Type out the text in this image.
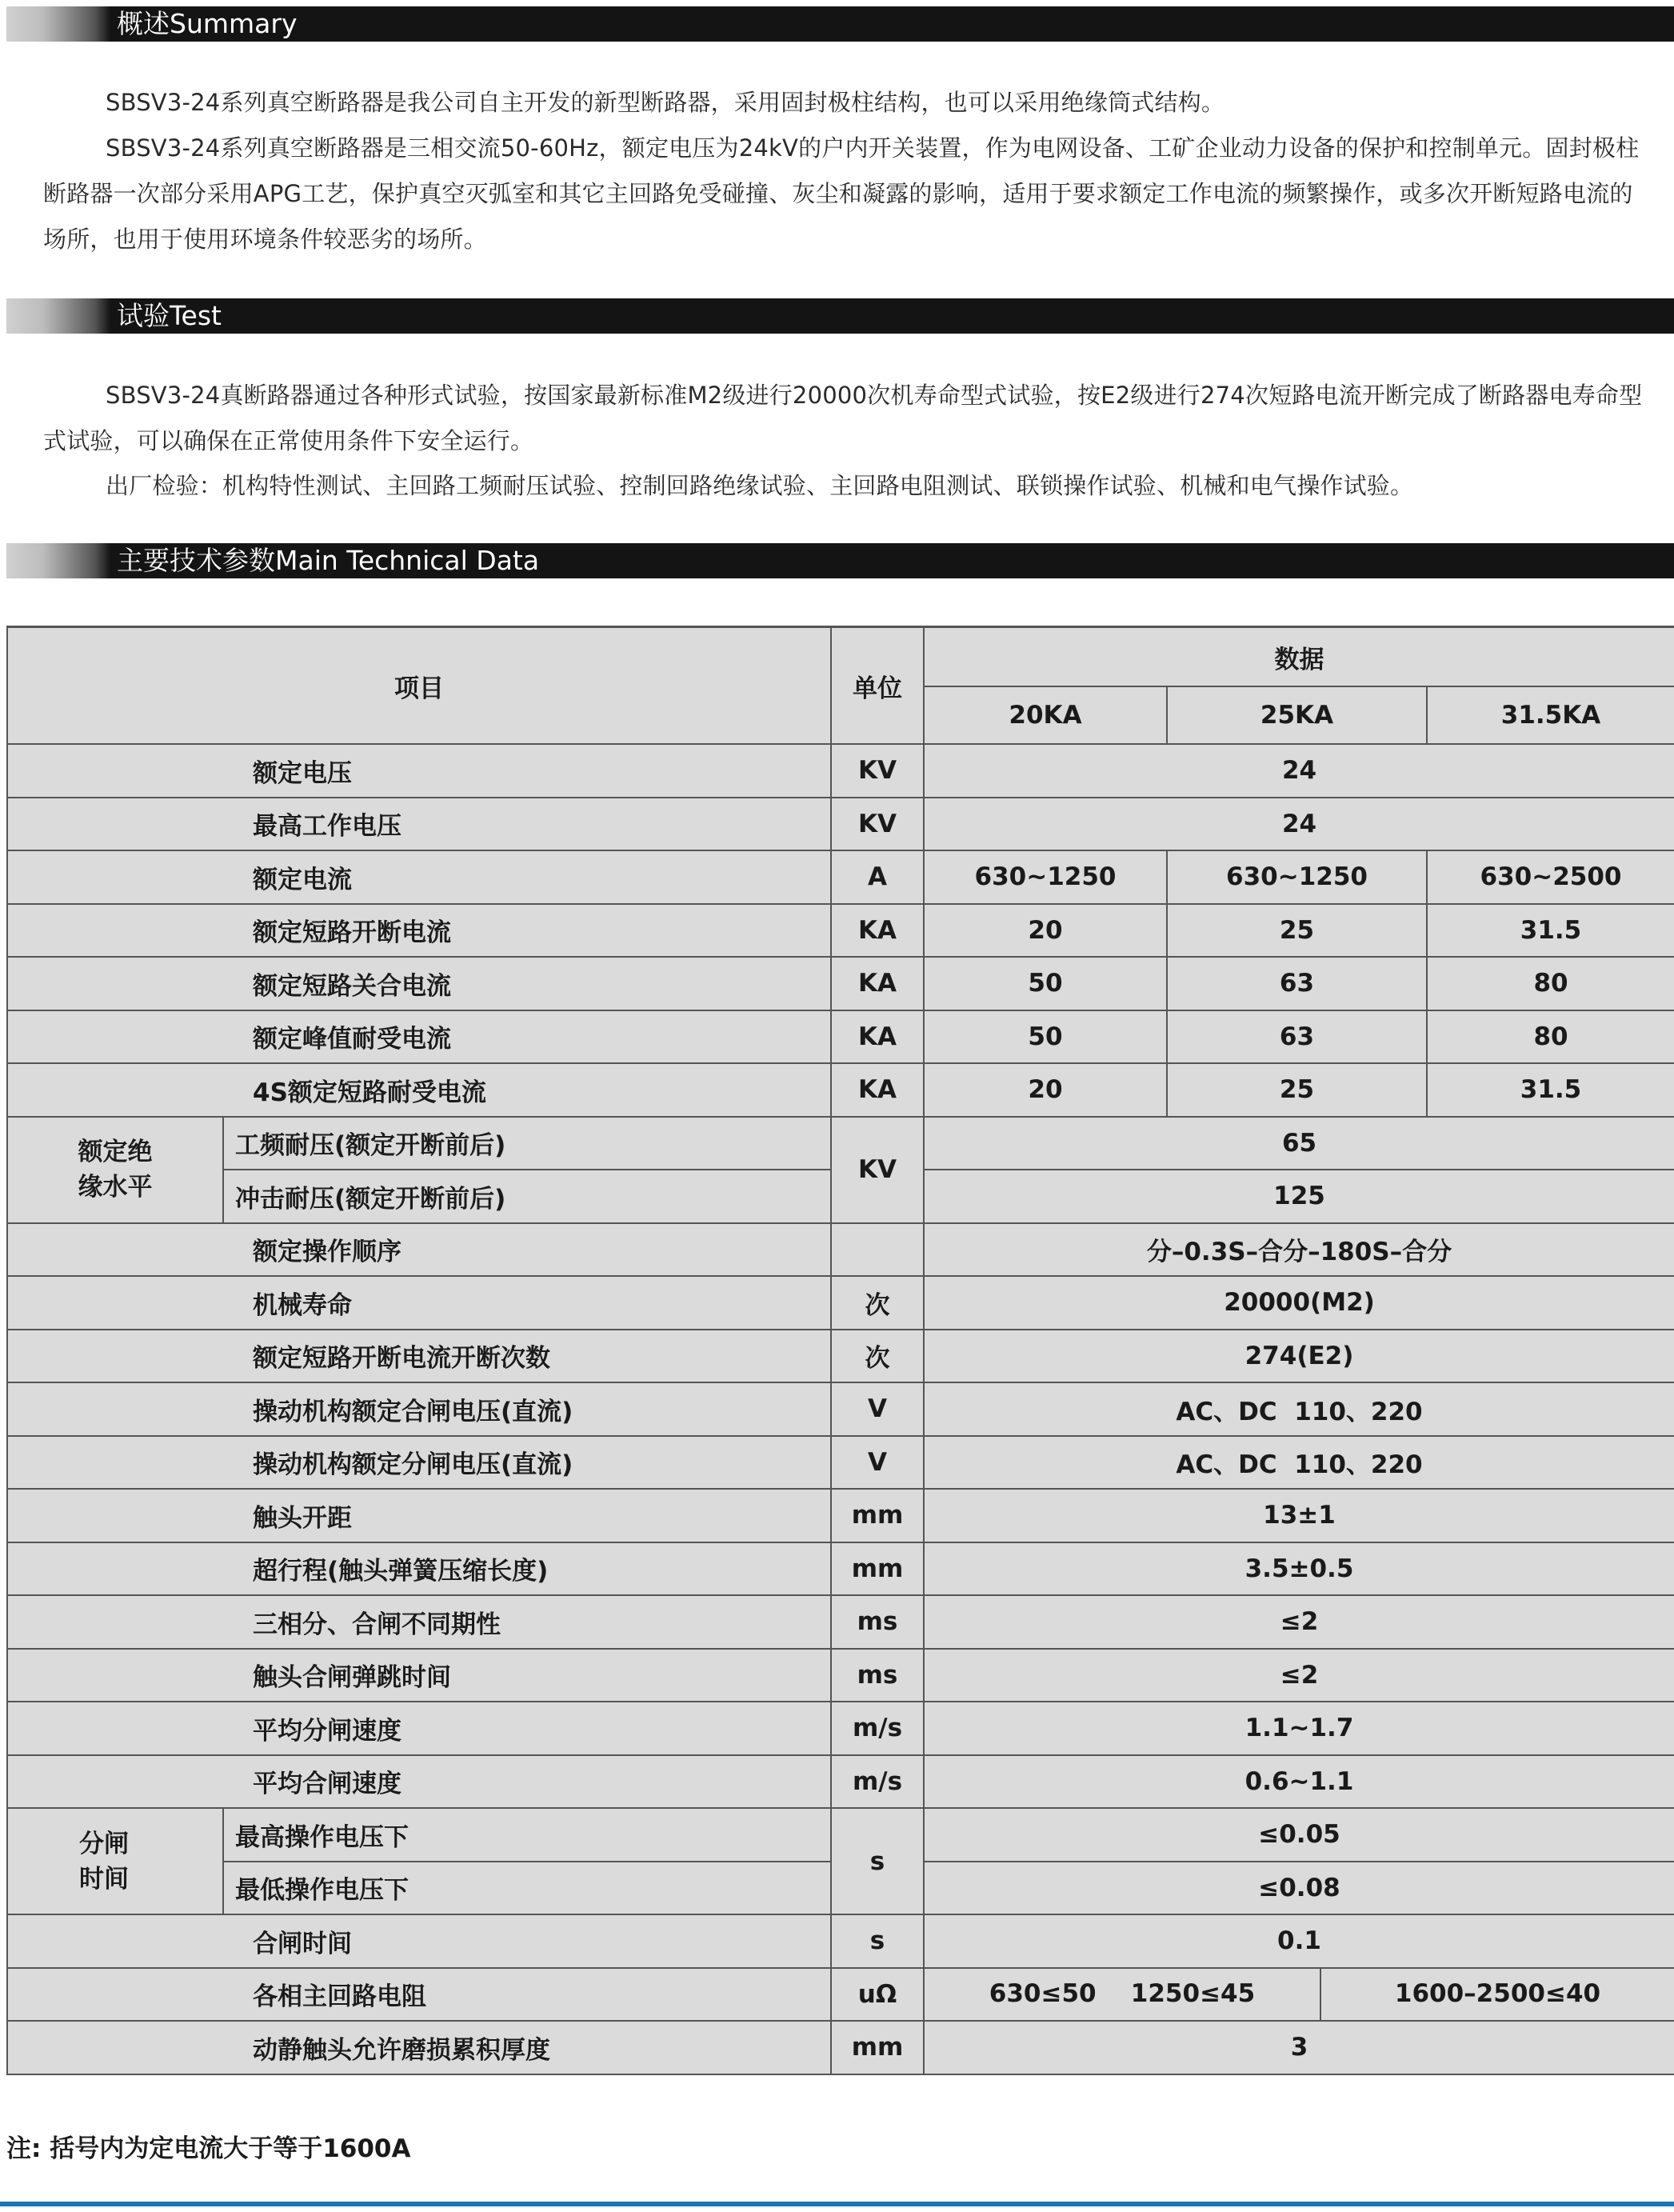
概述Summary

SBSV3-24系列真空断路器是我公司自主开发的新型断路器，采用固封极柱结构，也可以采用绝缘筒式结构。

SBSV3-24系列真空断路器是三相交流50-60Hz，额定电压为24kV的户内开关装置，作为电网设备、工矿企业动力设备的保护和控制单元。固封极柱断路器一次部分采用APG工艺，保护真空灭弧室和其它主回路免受碰撞、灰尘和凝露的影响，适用于要求额定工作电流的频繁操作，或多次开断短路电流的场所，也用于使用环境条件较恶劣的场所。

试验Test

SBSV3-24真断路器通过各种形式试验，按国家最新标准M2级进行20000次机寿命型式试验，按E2级进行274次短路电流开断完成了断路器电寿命型式试验，可以确保在正常使用条件下安全运行。

出厂检验：机构特性测试、主回路工频耐压试验、控制回路绝缘试验、主回路电阻测试、联锁操作试验、机械和电气操作试验。

主要技术参数Main Technical Data
项目		单位	数据		
			20KA	25KA	31.5KA
额定电压		KV	24		
最高工作电压		KV	24		
额定电流		A	630~1250	630~1250	630~2500
额定短路开断电流		KA	20	25	31.5
额定短路关合电流		KA	50	63	80
额定峰值耐受电流		KA	50	63	80
4S额定短路耐受电流		KA	20	25	31.5
额定绝缘水平	工频耐压(额定开断前后)	KV	65		
	冲击耐压(额定开断前后)		125		
额定操作顺序			分–0.3S–合分–180S–合分		
机械寿命		次	20000(M2)		
额定短路开断电流开断次数		次	274(E2)		
操动机构额定合闸电压(直流)		V	AC、DC  110、220		
操动机构额定分闸电压(直流)		V	AC、DC  110、220		
触头开距		mm	13±1		
超行程(触头弹簧压缩长度)		mm	3.5±0.5		
三相分、合闸不同期性		ms	≤2		
触头合闸弹跳时间		ms	≤2		
平均分闸速度		m/s	1.1~1.7		
平均合闸速度		m/s	0.6~1.1		
分闸时间	最高操作电压下	s	≤0.05		
	最低操作电压下		≤0.08		
合闸时间		s	0.1		
各相主回路电阻		uΩ	630≤50    1250≤45 1600–2500≤40		

动静触头允许磨损累积厚度		mm	3		
注: 括号内为定电流大于等于1600A
